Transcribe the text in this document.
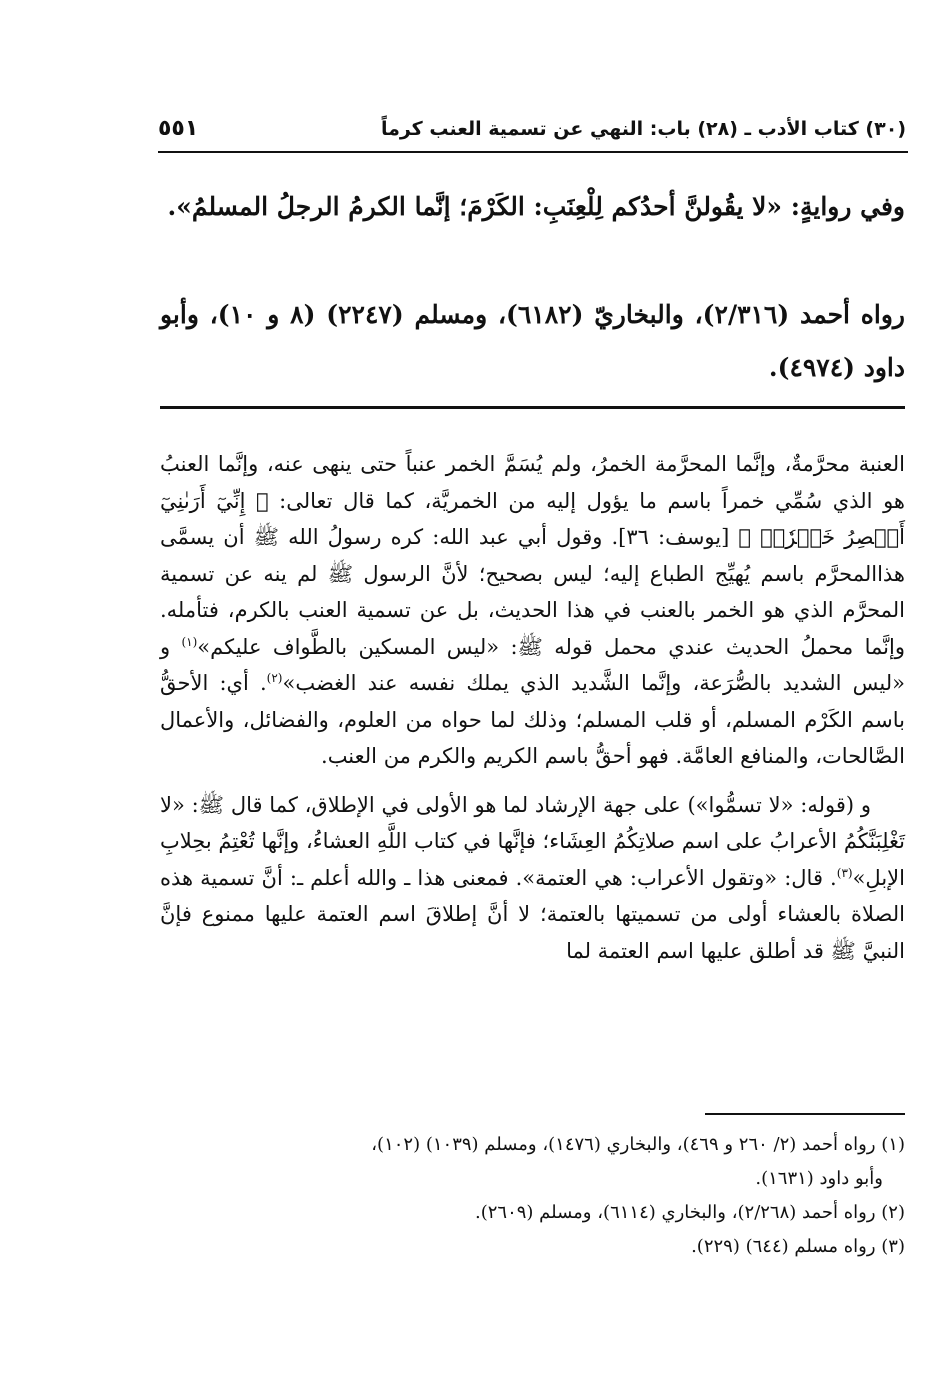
(٣٠) كتاب الأدب ـ (٢٨) باب: النهي عن تسمية العنب كرماً
٥٥١
وفي روايةٍ: «لا يقُولنَّ أحدُكم لِلْعِنَبِ: الكَرْمَ؛ إنَّما الكرمُ الرجلُ المسلمُ».
رواه أحمد (٢/٣١٦)، والبخاريّ (٦١٨٢)، ومسلم (٢٢٤٧) (٨ و ١٠)، وأبو داود (٤٩٧٤).

العنبة محرَّمةٌ، وإنَّما المحرَّمة الخمرُ، ولم يُسَمَّ الخمر عنباً حتى ينهى عنه، وإنَّما العنبُ هو الذي سُمِّي خمراً باسم ما يؤول إليه من الخمريَّة، كما قال تعالى: ﴿ إِنِّيٓ أَرَىٰنِيٓ أَعۡصِرُ خَمۡرٗاۖ ﴾ [يوسف: ٣٦]. وقول أبي عبد الله: كره رسولُ الله ﷺ أن يسمَّى هذاالمحرَّم باسم يُهيِّج الطباع إليه؛ ليس بصحيح؛ لأنَّ الرسول ﷺ لم ينه عن تسمية المحرَّم الذي هو الخمر بالعنب في هذا الحديث، بل عن تسمية العنب بالكرم، فتأمله. وإنَّما محملُ الحديث عندي محمل قوله ﷺ: «ليس المسكين بالطَّواف عليكم»$^{(١)}$ و «ليس الشديد بالصُّرَعة، وإنَّما الشَّديد الذي يملك نفسه عند الغضب»$^{(٢)}$. أي: الأحقُّ باسم الكَرْم المسلم، أو قلب المسلم؛ وذلك لما حواه من العلوم، والفضائل، والأعمال الصَّالحات، والمنافع العامَّة. فهو أحقُّ باسم الكريم والكرم من العنب.

و (قوله: «لا تسمُّوا») على جهة الإرشاد لما هو الأولى في الإطلاق، كما قال ﷺ: «لا تَغْلِبَنَّكُمُ الأعرابُ على اسم صلاتِكُمُ العِشَاء؛ فإنَّها في كتاب اللَّهِ العشاءُ، وإنَّها تُعْتِمُ بحِلابِ الإبلِ»$^{(٣)}$. قال: «وتقول الأعراب: هي العتمة». فمعنى هذا ـ والله أعلم ـ: أنَّ تسمية هذه الصلاة بالعشاء أولى من تسميتها بالعتمة؛ لا أنَّ إطلاقَ اسم العتمة عليها ممنوع فإنَّ النبيَّ ﷺ قد أطلق عليها اسم العتمة لما

(١) رواه أحمد (٢/ ٢٦٠ و ٤٦٩)، والبخاري (١٤٧٦)، ومسلم (١٠٣٩) (١٠٢)،

وأبو داود (١٦٣١).

(٢) رواه أحمد (٢/٢٦٨)، والبخاري (٦١١٤)، ومسلم (٢٦٠٩).

(٣) رواه مسلم (٦٤٤) (٢٢٩).
